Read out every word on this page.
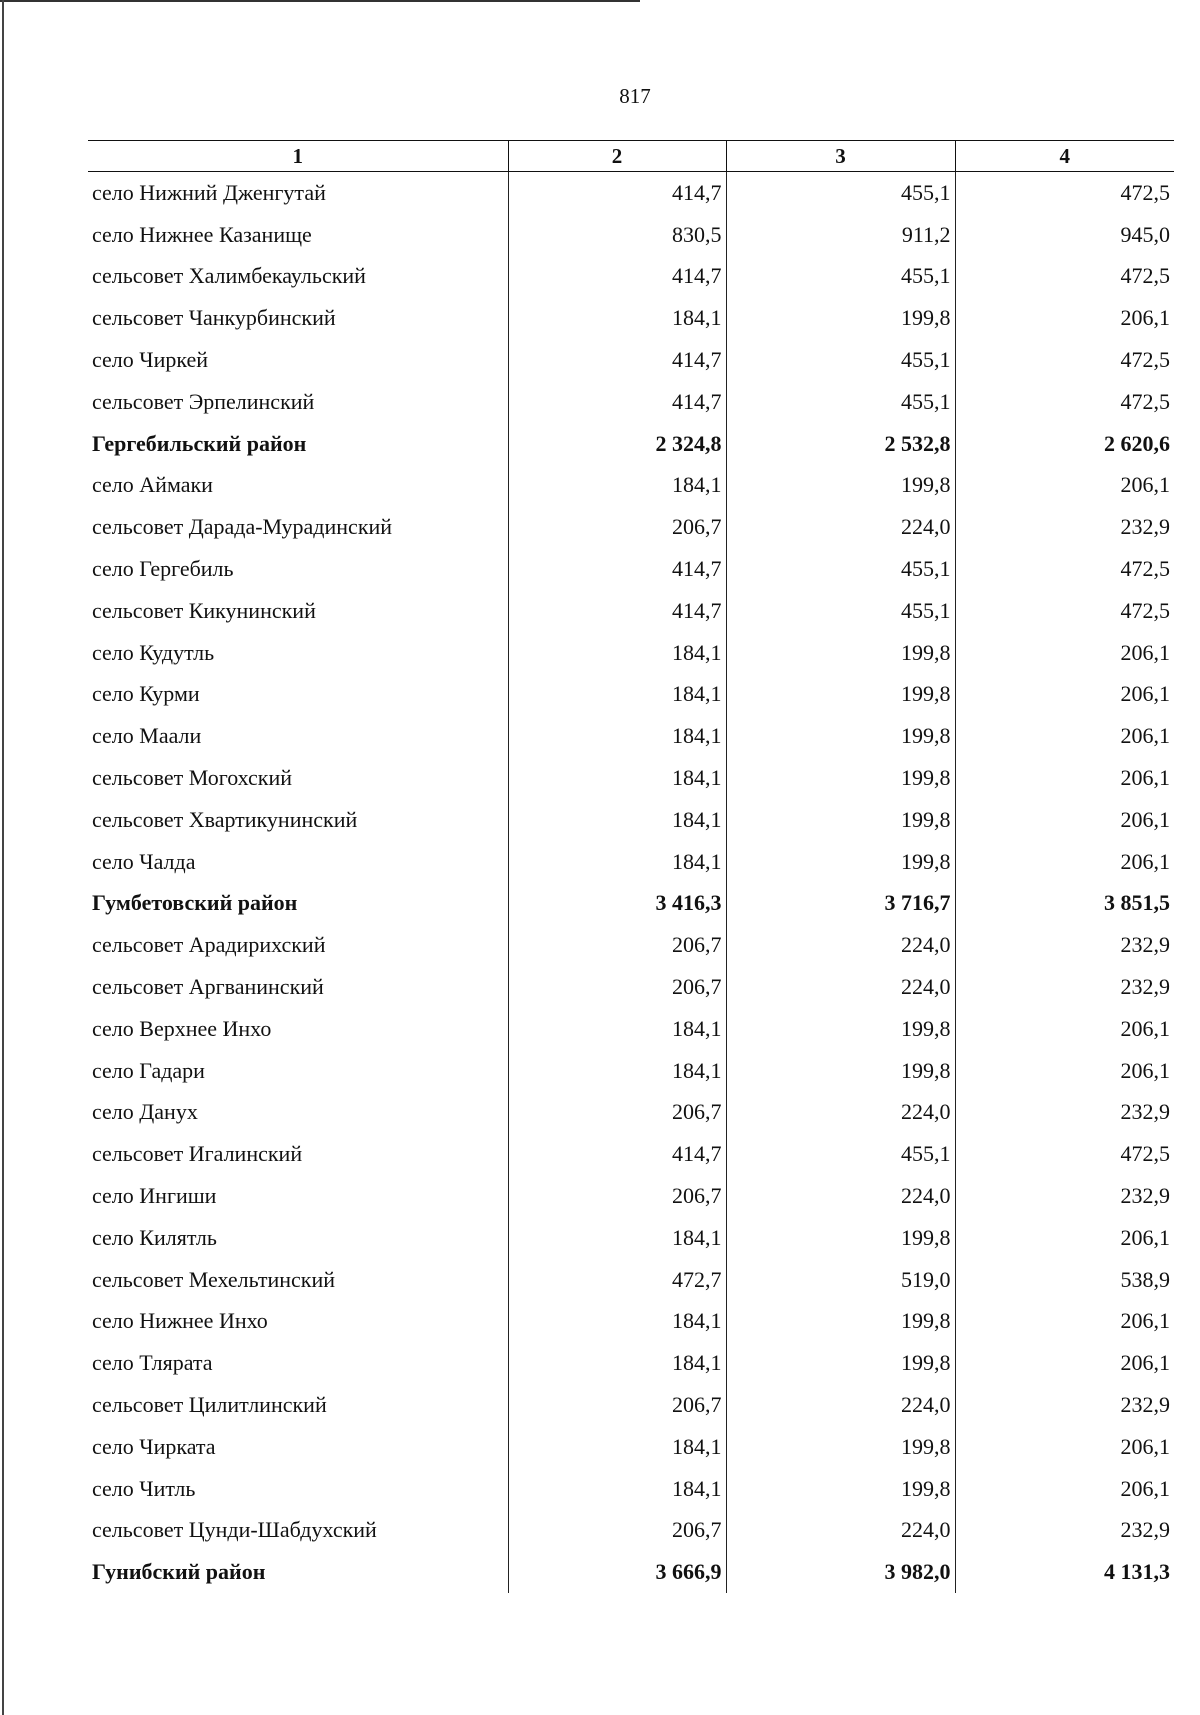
817
1	2	3	4
село Нижний Дженгутай	414,7	455,1	472,5
село Нижнее Казанище	830,5	911,2	945,0
сельсовет Халимбекаульский	414,7	455,1	472,5
сельсовет Чанкурбинский	184,1	199,8	206,1
село Чиркей	414,7	455,1	472,5
сельсовет Эрпелинский	414,7	455,1	472,5
Гергебильский район	2 324,8	2 532,8	2 620,6
село Аймаки	184,1	199,8	206,1
сельсовет Дарада-Мурадинский	206,7	224,0	232,9
село Гергебиль	414,7	455,1	472,5
сельсовет Кикунинский	414,7	455,1	472,5
село Кудутль	184,1	199,8	206,1
село Курми	184,1	199,8	206,1
село Маали	184,1	199,8	206,1
сельсовет Могохский	184,1	199,8	206,1
сельсовет Хвартикунинский	184,1	199,8	206,1
село Чалда	184,1	199,8	206,1
Гумбетовский район	3 416,3	3 716,7	3 851,5
сельсовет Арадирихский	206,7	224,0	232,9
сельсовет Аргванинский	206,7	224,0	232,9
село Верхнее Инхо	184,1	199,8	206,1
село Гадари	184,1	199,8	206,1
село Данух	206,7	224,0	232,9
сельсовет Игалинский	414,7	455,1	472,5
село Ингиши	206,7	224,0	232,9
село Килятль	184,1	199,8	206,1
сельсовет Мехельтинский	472,7	519,0	538,9
село Нижнее Инхо	184,1	199,8	206,1
село Тлярата	184,1	199,8	206,1
сельсовет Цилитлинский	206,7	224,0	232,9
село Чирката	184,1	199,8	206,1
село Читль	184,1	199,8	206,1
сельсовет Цунди-Шабдухский	206,7	224,0	232,9
Гунибский район	3 666,9	3 982,0	4 131,3
